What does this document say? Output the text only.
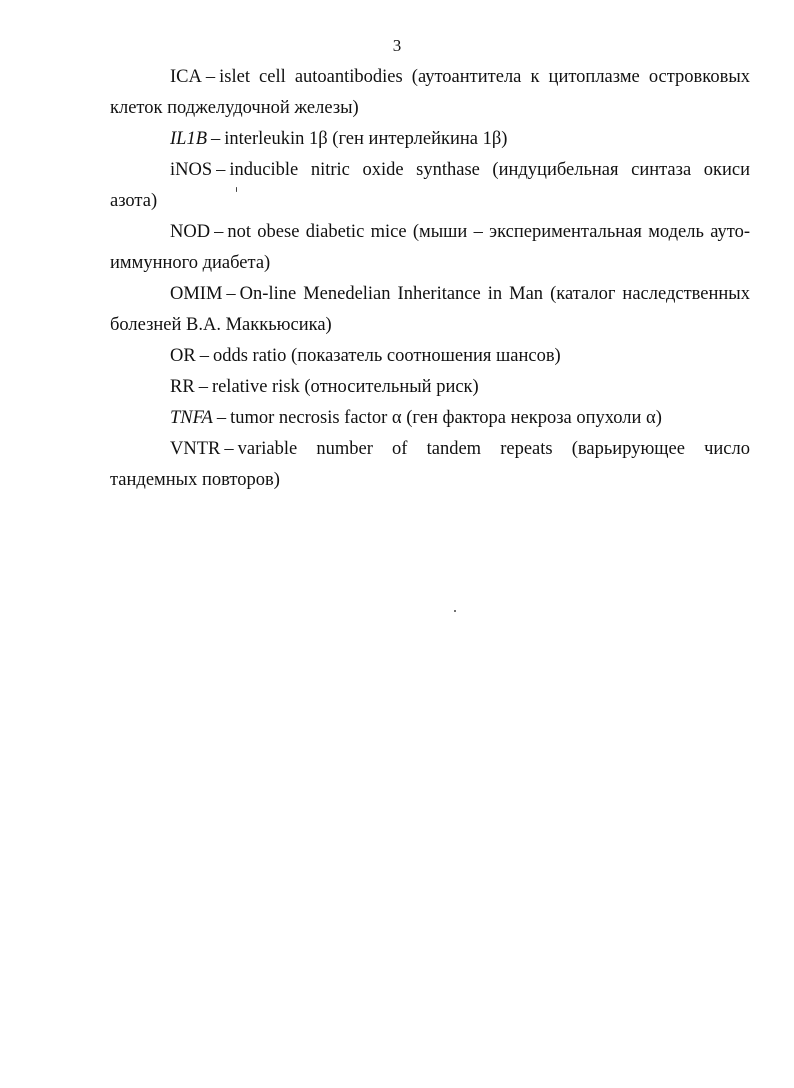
3

ICA – islet cell autoantibodies (аутоантитела к цитоплазме островковых клеток поджелудочной железы)

IL1B – interleukin 1β (ген интерлейкина 1β)

iNOS – inducible nitric oxide synthase (индуцибельная синтаза окиси азота)

NOD – not obese diabetic mice (мыши – экспериментальная модель ауто-иммунного диабета)

OMIM – On-line Menedelian Inheritance in Man (каталог наследственных болезней В.А. Маккьюсика)

OR – odds ratio (показатель соотношения шансов)

RR – relative risk (относительный риск)

TNFA – tumor necrosis factor α (ген фактора некроза опухоли α)

VNTR – variable number of tandem repeats (варьирующее число тандемных повторов)
